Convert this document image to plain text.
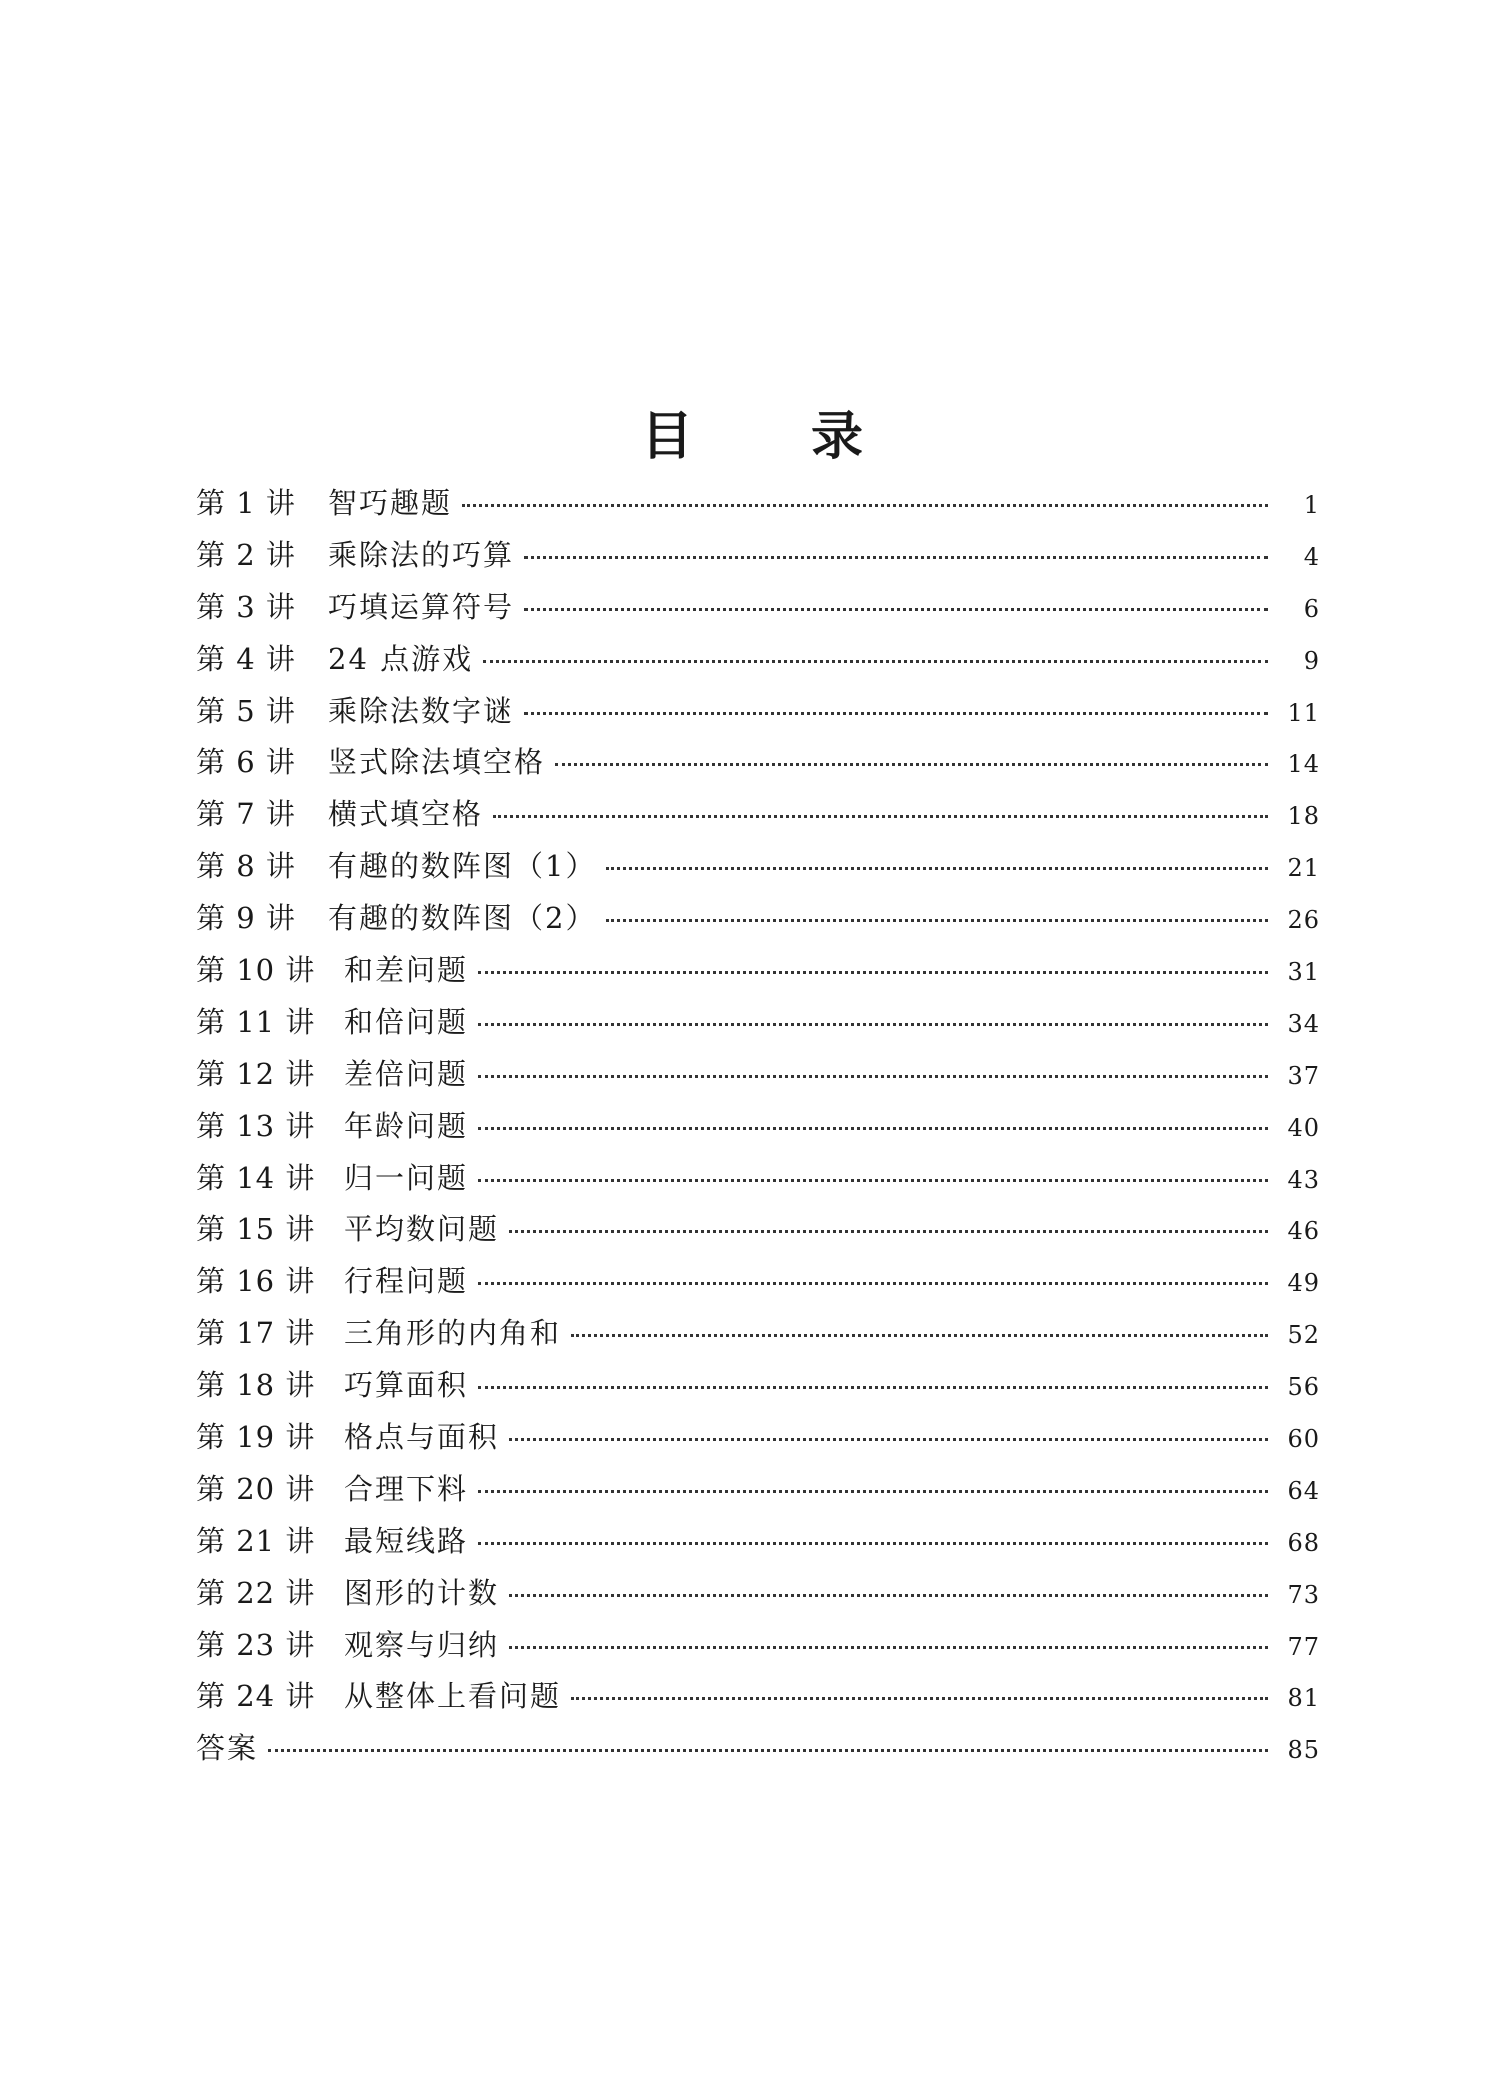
目 录
第 1 讲	智巧趣题	1
第 2 讲	乘除法的巧算	4
第 3 讲	巧填运算符号	6
第 4 讲	24 点游戏	9
第 5 讲	乘除法数字谜	11
第 6 讲	竖式除法填空格	14
第 7 讲	横式填空格	18
第 8 讲	有趣的数阵图（1）	21
第 9 讲	有趣的数阵图（2）	26
第 10 讲 和差问题	31
第 11 讲 和倍问题	34
第 12 讲 差倍问题	37
第 13 讲 年龄问题	40
第 14 讲 归一问题	43
第 15 讲 平均数问题	46
第 16 讲 行程问题	49
第 17 讲 三角形的内角和	52
第 18 讲 巧算面积	56
第 19 讲 格点与面积	60
第 20 讲 合理下料	64
第 21 讲 最短线路	68
第 22 讲 图形的计数	73
第 23 讲 观察与归纳	77
第 24 讲 从整体上看问题	81
答案	85
